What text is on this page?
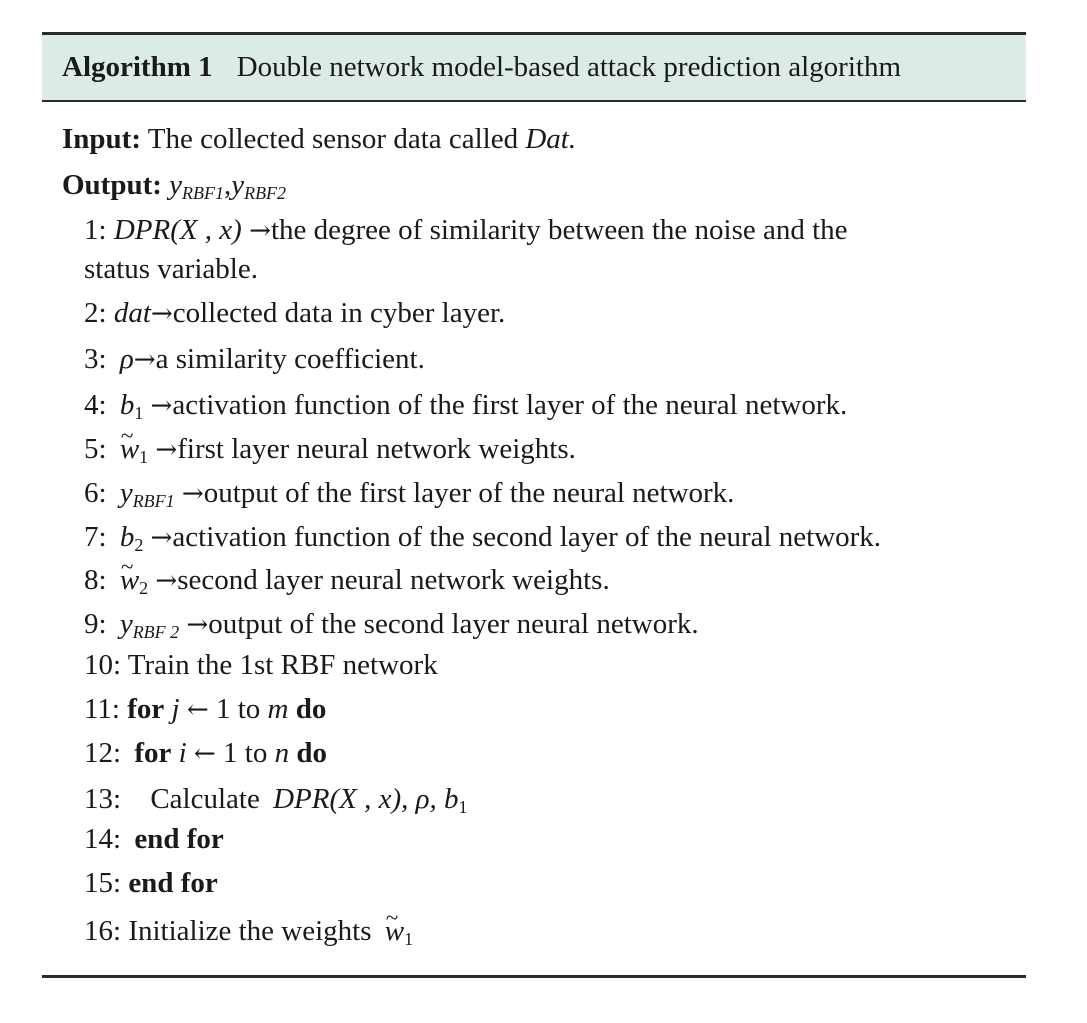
Algorithm 1 Double network model-based attack prediction algorithm
Input: The collected sensor data called Dat.
Output: $y_{RBF1},y_{RBF2}$
1: DPR(X , x) →the degree of similarity between the noise and the
status variable.
2: dat→collected data in cyber layer.
3: ρ→a similarity coefficient.
4: $b_1$ →activation function of the first layer of the neural network.
5: ~ $w_1$ →first layer neural network weights.
6: $y_{RBF1}$ →output of the first layer of the neural network.
7: $b_2$ →activation function of the second layer of the neural network.
8: ~ $w_2$ →second layer neural network weights.
9: $y_{RBF 2}$ →output of the second layer neural network.
10: Train the 1st RBF network
11: for j ← 1 to m do
12: for i ← 1 to n do
13: Calculate DPR(X , x), ρ, $b_1$
14: end for
15: end for
16: Initialize the weights ~ $w_1$
